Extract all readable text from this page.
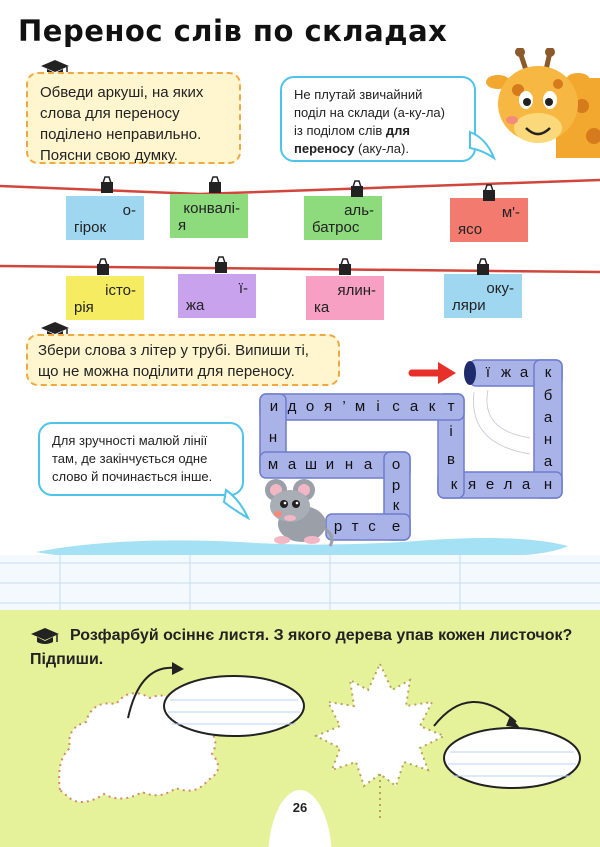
Перенос слів по складах
Обведи аркуші, на яких
слова для переносу
поділено неправильно.
Поясни свою думку.
Не плутай звичайний
поділ на склади (а-ку-ла)
із поділом слів для
переносу (аку-ла).
о-
гірок
конвалі-
я
аль-
батрос
м'-
ясо
істо-
рія
ї-
жа
ялин-
ка
оку-
ляри
Збери слова з літер у трубі. Випиши ті,
що не можна поділити для переносу.	ї ж а	к
б
а
н
а
н
к я е л а
т
і
в
и д о я ’ м і с а к
н
м а ш и н а о
р
к
р т с е
Для зручності малюй лінії
там, де закінчується одне
слово й починається інше.
Розфарбуй осіннє листя. З якого дерева упав кожен листочок?
Підпиши.
26
